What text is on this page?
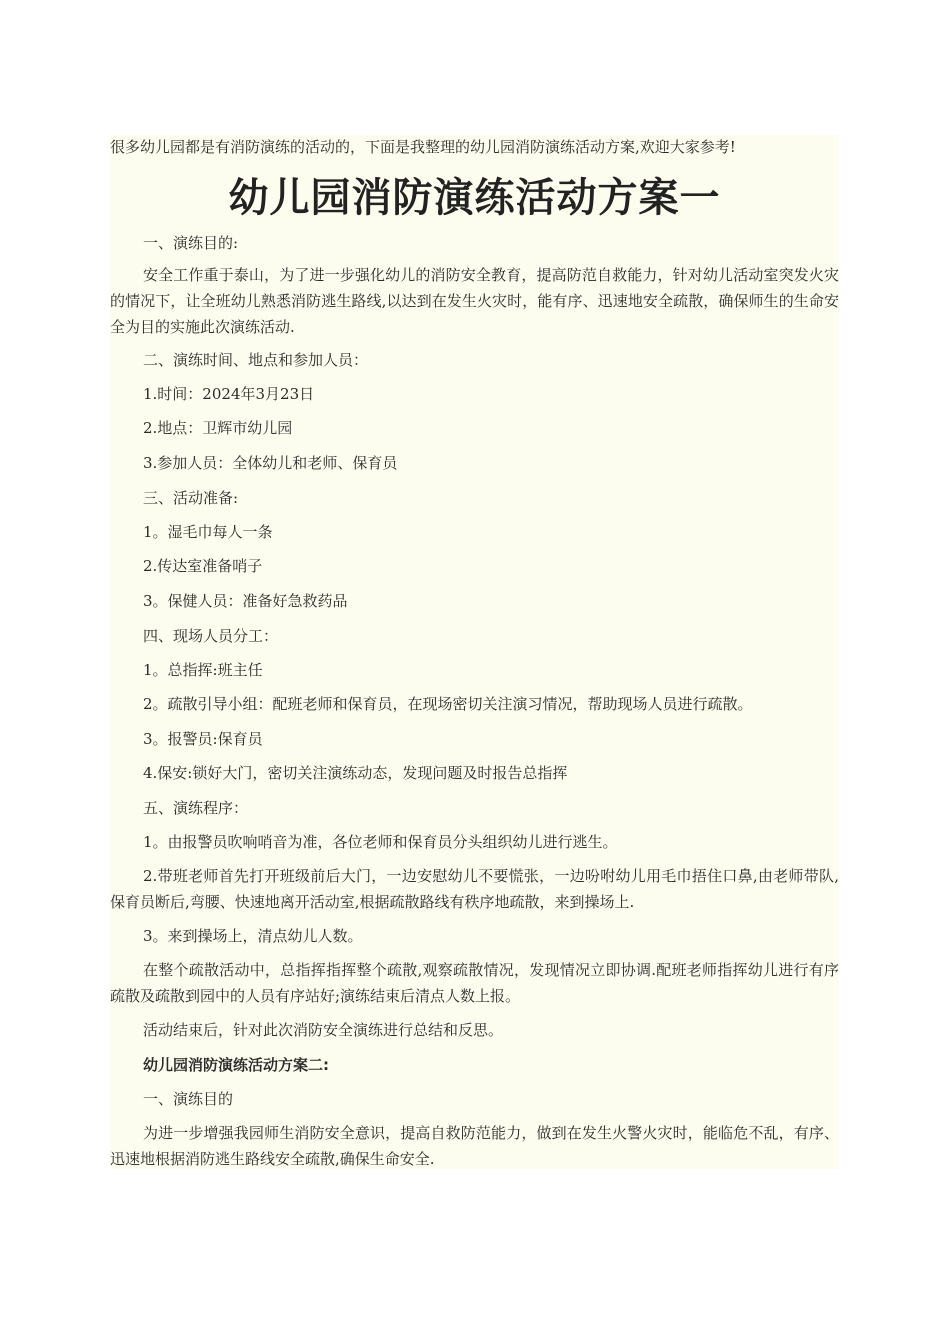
很多幼儿园都是有消防演练的活动的，下面是我整理的幼儿园消防演练活动方案,欢迎大家参考!
幼儿园消防演练活动方案一
一、演练目的:
安全工作重于泰山，为了进一步强化幼儿的消防安全教育，提高防范自救能力，针对幼儿活动室突发火灾的情况下，让全班幼儿熟悉消防逃生路线,以达到在发生火灾时，能有序、迅速地安全疏散，确保师生的生命安全为目的实施此次演练活动.
二、演练时间、地点和参加人员：
1.时间：2024年3月23日
2.地点：卫辉市幼儿园
3.参加人员：全体幼儿和老师、保育员
三、活动准备:
1。湿毛巾每人一条
2.传达室准备哨子
3。保健人员：准备好急救药品
四、现场人员分工：
1。总指挥:班主任
2。疏散引导小组：配班老师和保育员，在现场密切关注演习情况，帮助现场人员进行疏散。
3。报警员:保育员
4.保安:锁好大门，密切关注演练动态，发现问题及时报告总指挥
五、演练程序：
1。由报警员吹响哨音为准，各位老师和保育员分头组织幼儿进行逃生。
2.带班老师首先打开班级前后大门，一边安慰幼儿不要慌张，一边吩咐幼儿用毛巾捂住口鼻,由老师带队,保育员断后,弯腰、快速地离开活动室,根据疏散路线有秩序地疏散，来到操场上.
3。来到操场上，清点幼儿人数。
在整个疏散活动中，总指挥指挥整个疏散,观察疏散情况，发现情况立即协调.配班老师指挥幼儿进行有序疏散及疏散到园中的人员有序站好;演练结束后清点人数上报。
活动结束后，针对此次消防安全演练进行总结和反思。
幼儿园消防演练活动方案二:
一、演练目的
为进一步增强我园师生消防安全意识，提高自救防范能力，做到在发生火警火灾时，能临危不乱，有序、迅速地根据消防逃生路线安全疏散,确保生命安全.
